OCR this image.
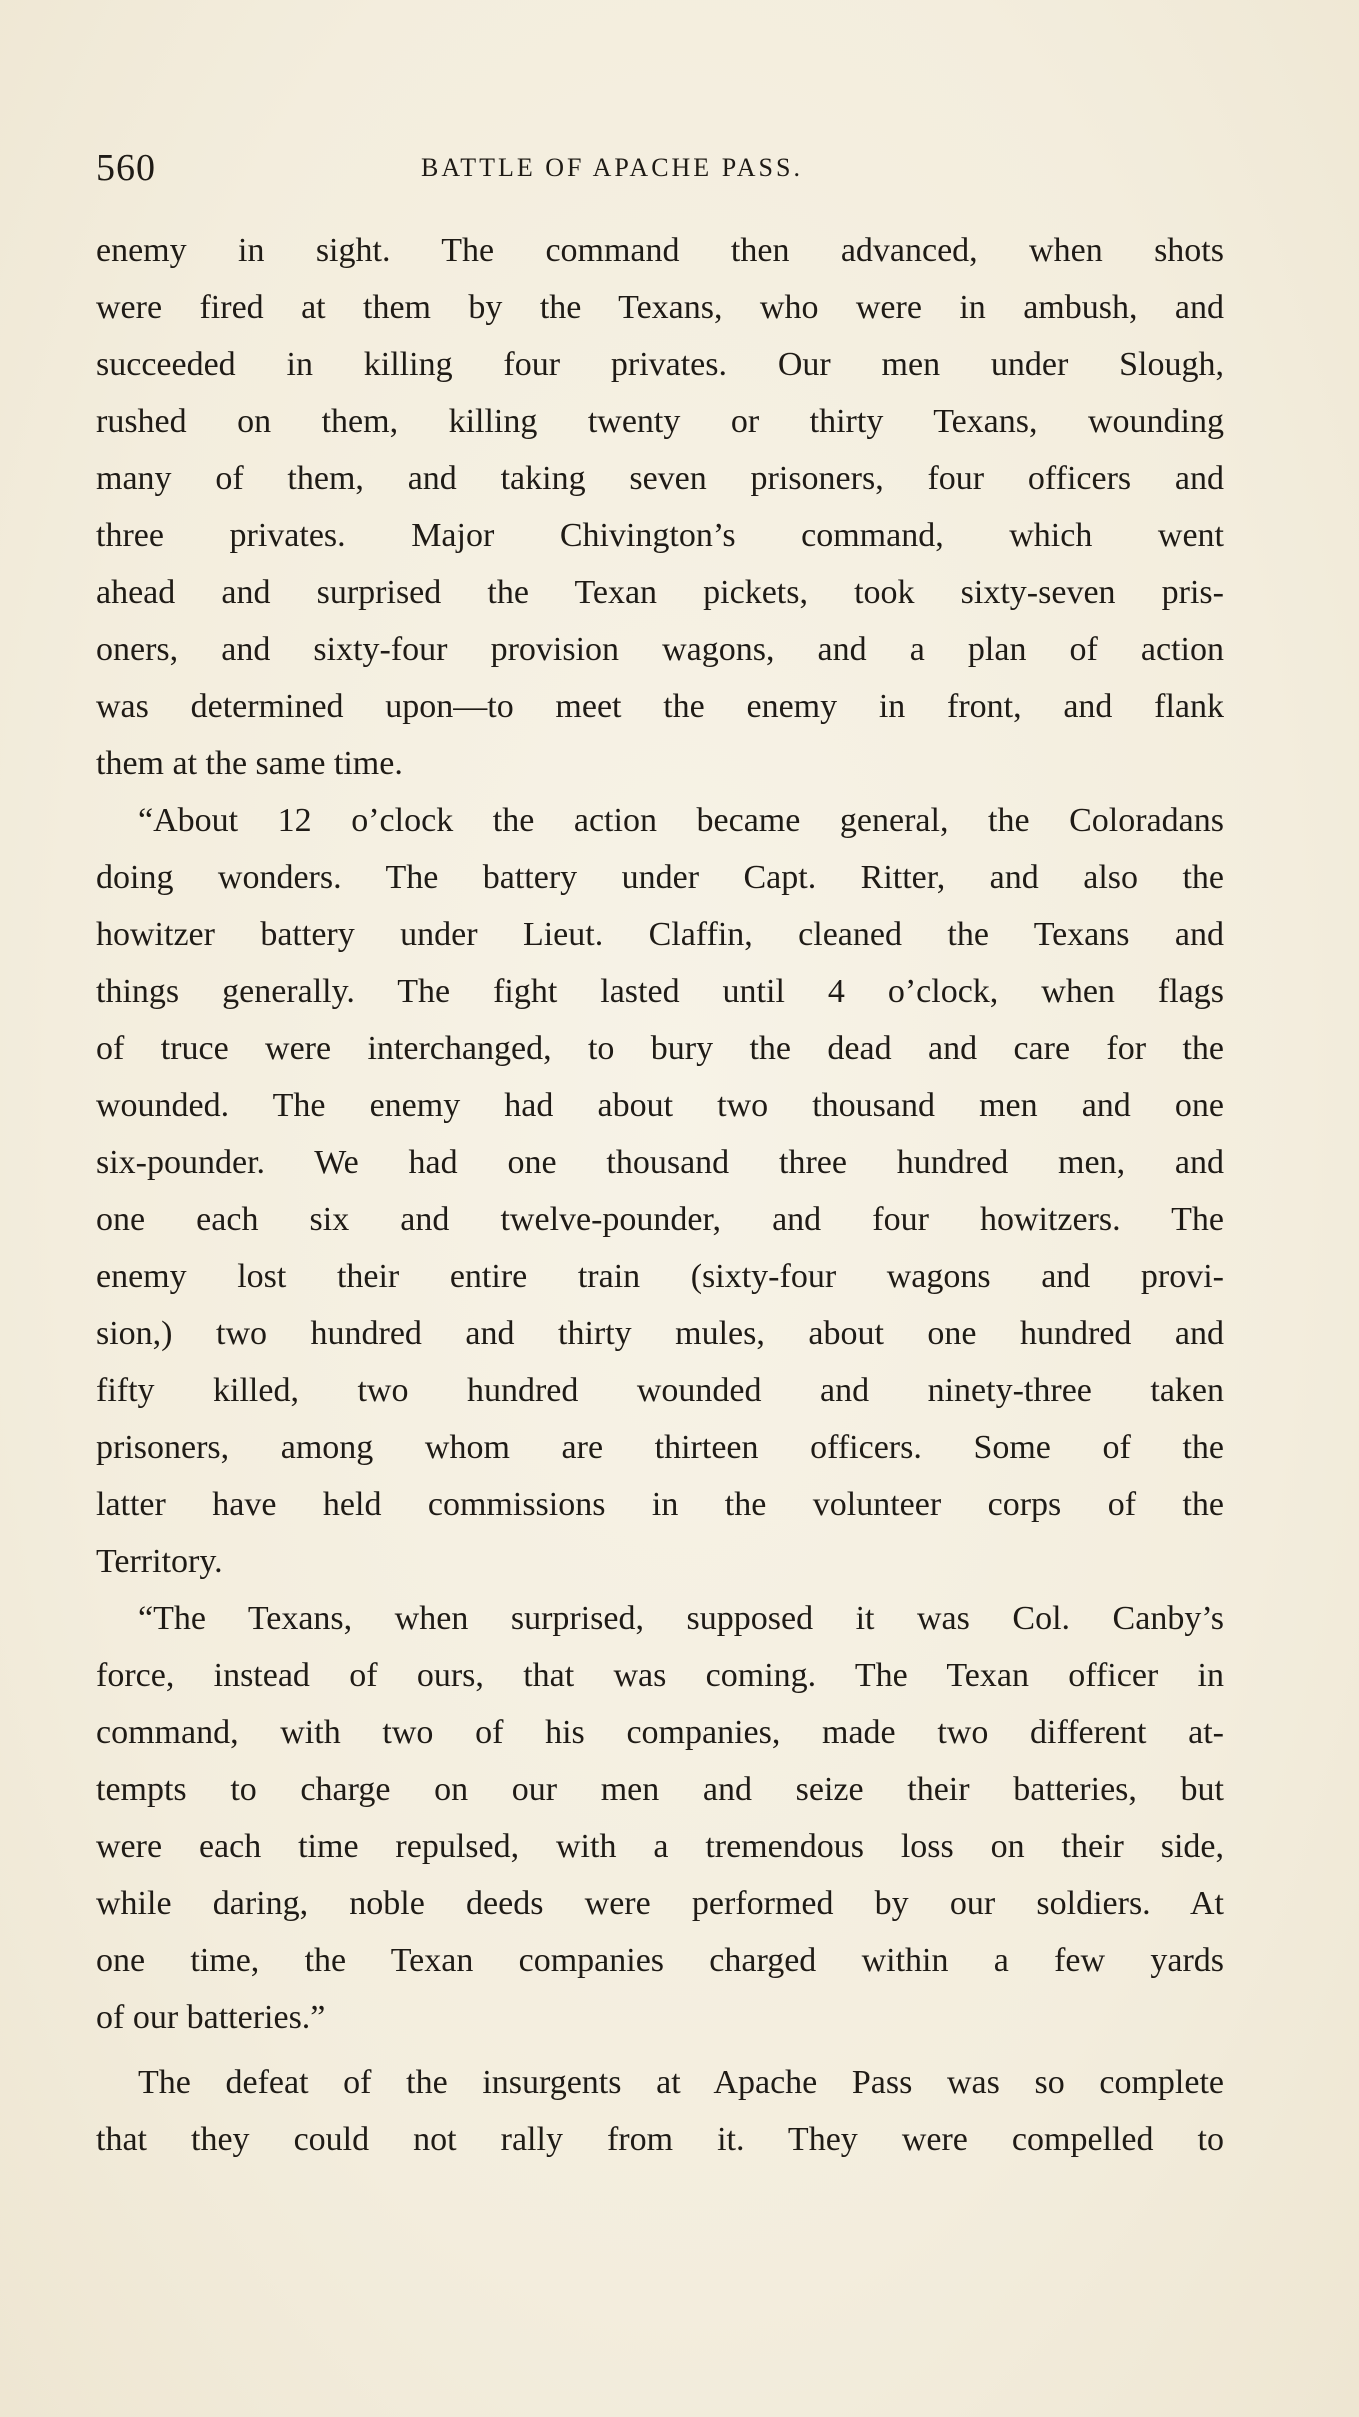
560	BATTLE OF APACHE PASS.
enemy in sight. The command then advanced, when shots
were fired at them by the Texans, who were in ambush, and
succeeded in killing four privates. Our men under Slough,
rushed on them, killing twenty or thirty Texans, wounding
many of them, and taking seven prisoners, four officers and
three privates. Major Chivington’s command, which went
ahead and surprised the Texan pickets, took sixty-seven pris-
oners, and sixty-four provision wagons, and a plan of action
was determined upon—to meet the enemy in front, and flank
them at the same time.
“About 12 o’clock the action became general, the Coloradans
doing wonders. The battery under Capt. Ritter, and also the
howitzer battery under Lieut. Claffin, cleaned the Texans and
things generally. The fight lasted until 4 o’clock, when flags
of truce were interchanged, to bury the dead and care for the
wounded. The enemy had about two thousand men and one
six-pounder. We had one thousand three hundred men, and
one each six and twelve-pounder, and four howitzers. The
enemy lost their entire train (sixty-four wagons and provi-
sion,) two hundred and thirty mules, about one hundred and
fifty killed, two hundred wounded and ninety-three taken
prisoners, among whom are thirteen officers. Some of the
latter have held commissions in the volunteer corps of the
Territory.
“The Texans, when surprised, supposed it was Col. Canby’s
force, instead of ours, that was coming. The Texan officer in
command, with two of his companies, made two different at-
tempts to charge on our men and seize their batteries, but
were each time repulsed, with a tremendous loss on their side,
while daring, noble deeds were performed by our soldiers. At
one time, the Texan companies charged within a few yards
of our batteries.”
The defeat of the insurgents at Apache Pass was so complete
that they could not rally from it. They were compelled to
